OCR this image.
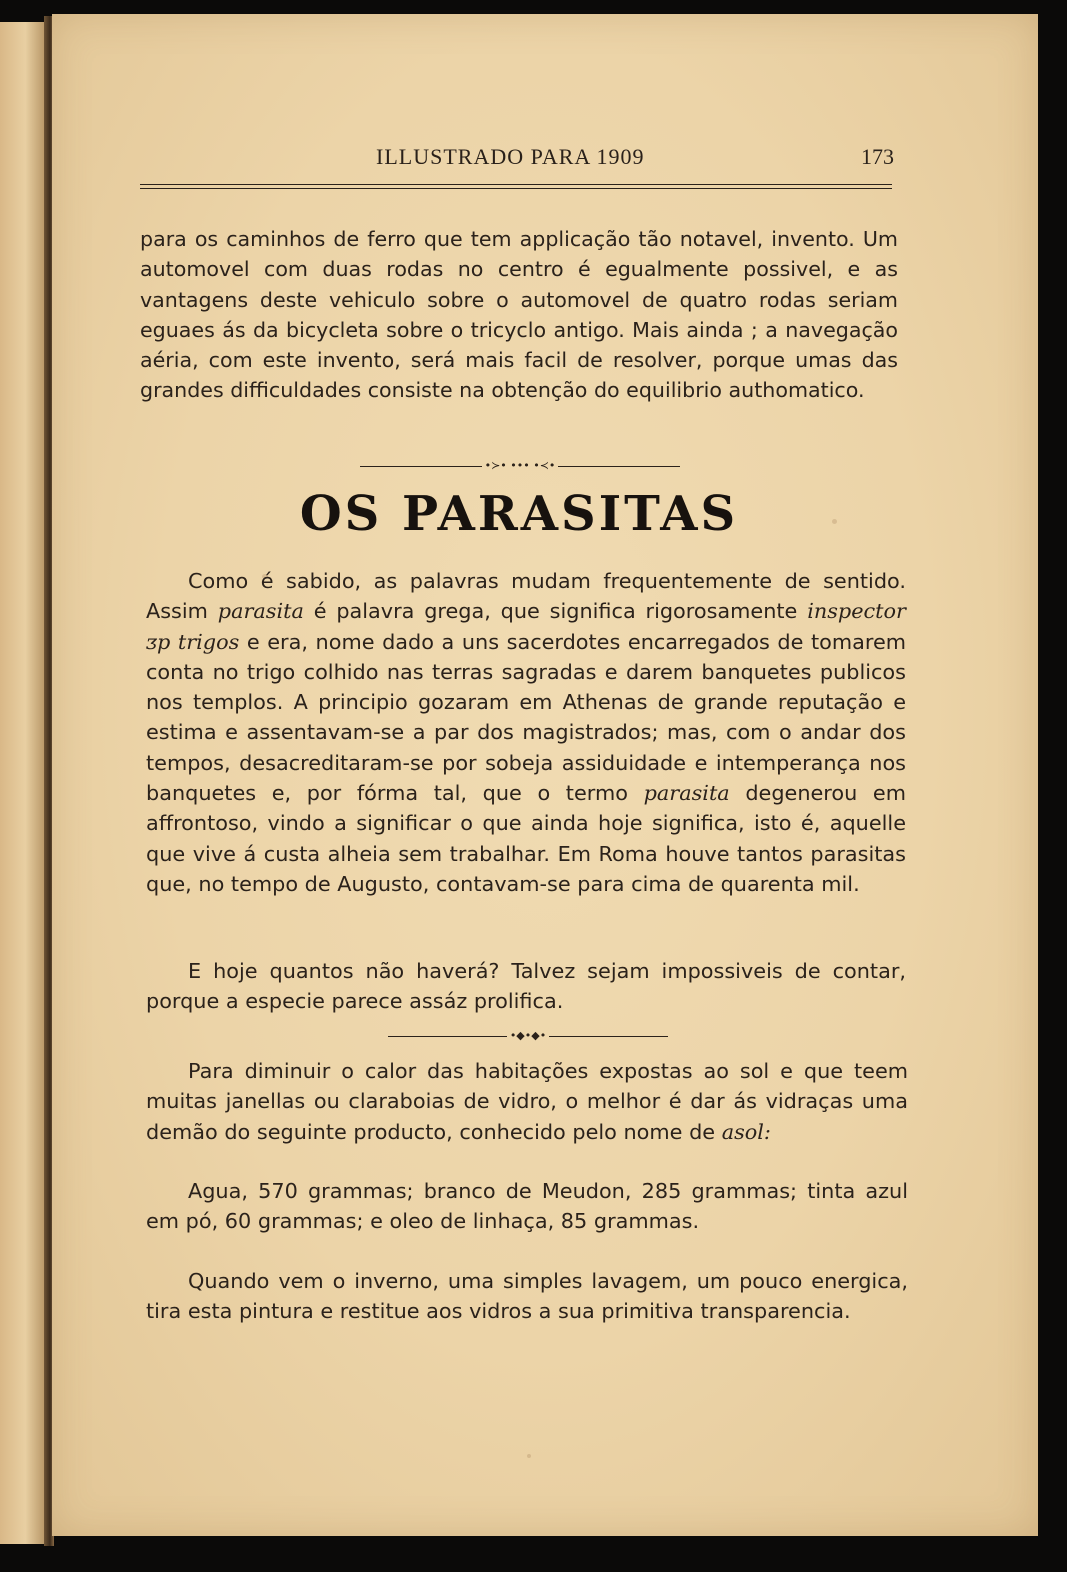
ILLUSTRADO PARA 1909	173
para os caminhos de ferro que tem applicação tão notavel, invento. Um automovel com duas rodas no centro é egualmente possivel, e as vantagens deste vehiculo sobre o automovel de quatro rodas seriam eguaes ás da bicycleta sobre o tricyclo antigo. Mais ainda ; a navegação aéria, com este invento, será mais facil de resolver, porque umas das grandes difficuldades consiste na obtenção do equilibrio authomatico.
•≻• ••• •≺•
OS PARASITAS
Como é sabido, as palavras mudam frequentemente de sentido. Assim parasita é palavra grega, que significa rigorosamente inspector ᴣp trigos e era, nome dado a uns sacerdotes encarregados de tomarem conta no trigo colhido nas terras sagradas e darem banquetes publicos nos templos. A principio gozaram em Athenas de grande reputação e estima e assentavam-se a par dos magistrados; mas, com o andar dos tempos, desacreditaram-se por sobeja assiduidade e intemperança nos banquetes e, por fórma tal, que o termo parasita degenerou em affrontoso, vindo a significar o que ainda hoje significa, isto é, aquelle que vive á custa alheia sem trabalhar. Em Roma houve tantos parasitas que, no tempo de Augusto, contavam-se para cima de quarenta mil.
E hoje quantos não haverá? Talvez sejam impossiveis de contar, porque a especie parece assáz prolifica.
•◆•◆•
Para diminuir o calor das habitações expostas ao sol e que teem muitas janellas ou claraboias de vidro, o melhor é dar ás vidraças uma demão do seguinte producto, conhecido pelo nome de asol:
Agua, 570 grammas; branco de Meudon, 285 grammas; tinta azul em pó, 60 grammas; e oleo de linhaça, 85 grammas.
Quando vem o inverno, uma simples lavagem, um pouco energica, tira esta pintura e restitue aos vidros a sua primitiva transparencia.
